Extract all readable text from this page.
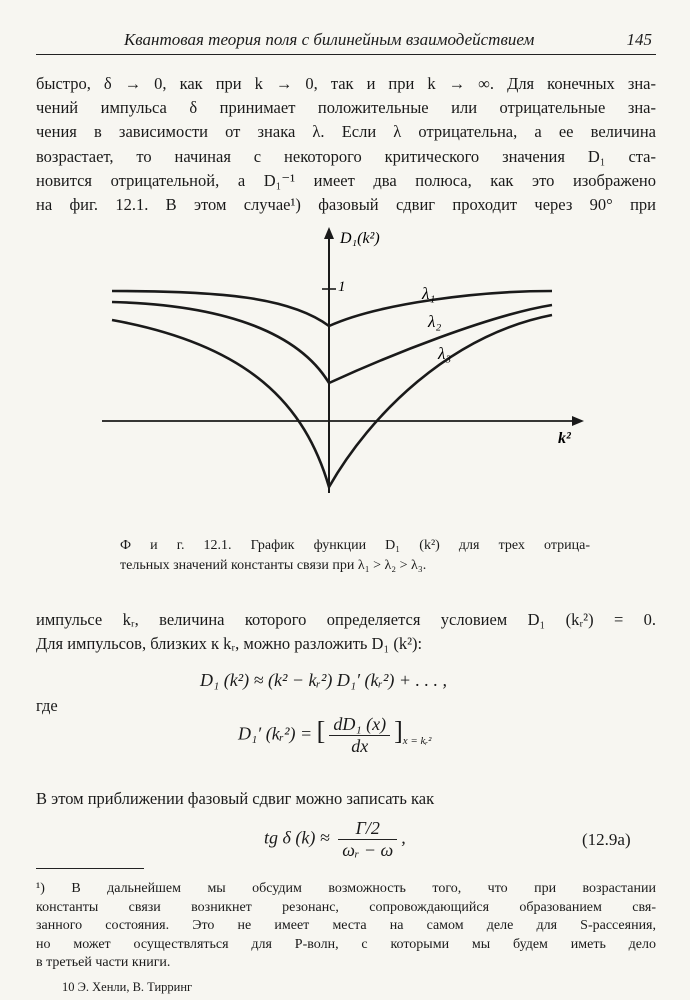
Квантовая теория поля с билинейным взаимодействием	145

быстро, δ → 0, как при k → 0, так и при k → ∞. Для конечных зна-
чений импульса δ принимает положительные или отрицательные зна-
чения в зависимости от знака λ. Если λ отрицательна, а ее величина
возрастает, то начиная с некоторого критического значения D₁ ста-
новится отрицательной, а D₁⁻¹ имеет два полюса, как это изображено
на фиг. 12.1. В этом случае¹) фазовый сдвиг проходит через 90° при

D₁(k²)
k²
1	λ₁
λ₂
λ₃
Ф и г. 12.1. График функции D₁ (k²) для трех отрица-
тельных значений константы связи при λ₁ > λ₂ > λ₃.

импульсе kᵣ, величина которого определяется условием D₁ (kᵣ²) = 0.
Для импульсов, близких к kᵣ, можно разложить D₁ (k²):

D₁ (k²) ≈ (k² − kᵣ²) D₁′ (kᵣ²) + . . . ,
где
D₁′ (kᵣ²) = [ $\frac{\text{dD₁ (x)}}{dx} ]_{x = kᵣ^2}$

В этом приближении фазовый сдвиг можно записать как

tg δ $(k) \approx \frac{\Gamma/2}{\text{ωᵣ − ω}}$ ,	(12.9a)
¹) В дальнейшем мы обсудим возможность того, что при возрастании
константы связи возникнет резонанс, сопровождающийся образованием свя-
занного состояния. Это не имеет места на самом деле для S-рассеяния,
но может осуществляться для P-волн, с которыми мы будем иметь дело
в третьей части книги.
10 Э. Хенли, В. Тирринг
